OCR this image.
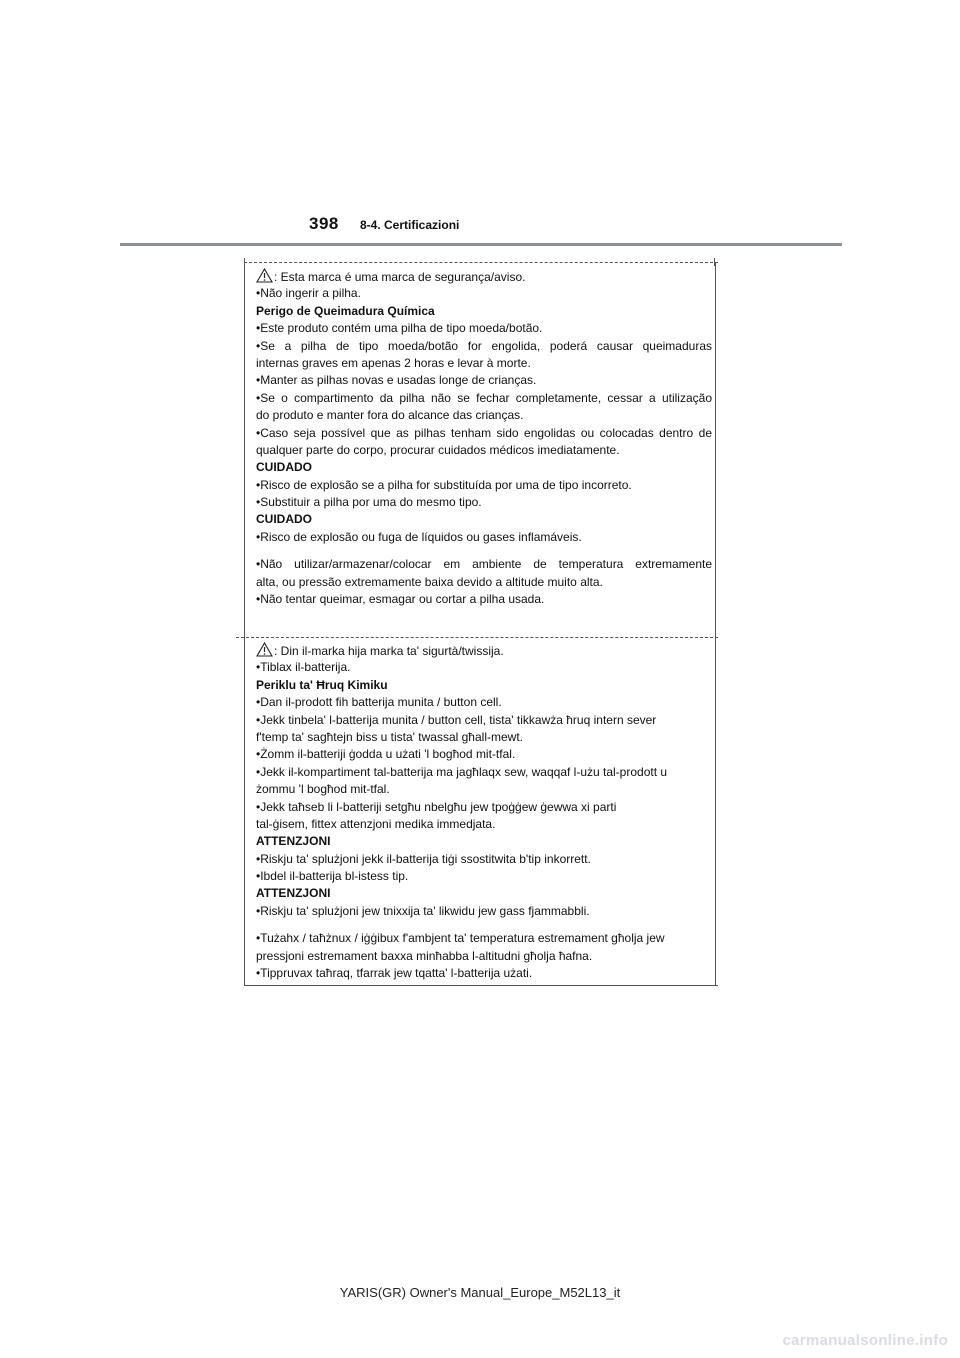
398 8-4. Certificazioni
: Esta marca é uma marca de segurança/aviso.
•Não ingerir a pilha.
Perigo de Queimadura Química
•Este produto contém uma pilha de tipo moeda/botão.
•Se a pilha de tipo moeda/botão for engolida, poderá causar queimaduras
internas graves em apenas 2 horas e levar à morte.
•Manter as pilhas novas e usadas longe de crianças.
•Se o compartimento da pilha não se fechar completamente, cessar a utilização
do produto e manter fora do alcance das crianças.
•Caso seja possível que as pilhas tenham sido engolidas ou colocadas dentro de
qualquer parte do corpo, procurar cuidados médicos imediatamente.
CUIDADO
•Risco de explosão se a pilha for substituída por uma de tipo incorreto.
•Substituir a pilha por uma do mesmo tipo.
CUIDADO
•Risco de explosão ou fuga de líquidos ou gases inflamáveis.
•Não utilizar/armazenar/colocar em ambiente de temperatura extremamente
alta, ou pressão extremamente baixa devido a altitude muito alta.
•Não tentar queimar, esmagar ou cortar a pilha usada.
: Din il-marka hija marka ta' sigurtà/twissija.
•Tiblax il-batterija.
Periklu ta' Ħruq Kimiku
•Dan il-prodott fih batterija munita / button cell.
•Jekk tinbela' l-batterija munita / button cell, tista' tikkawża ħruq intern sever
f'temp ta' sagħtejn biss u tista' twassal għall-mewt.
•Żomm il-batteriji ġodda u użati 'l bogħod mit-tfal.
•Jekk il-kompartiment tal-batterija ma jagħlaqx sew, waqqaf l-użu tal-prodott u
żommu 'l bogħod mit-tfal.
•Jekk taħseb li l-batteriji setgħu nbelgħu jew tpoġġew ġewwa xi parti
tal-ġisem, fittex attenzjoni medika immedjata.
ATTENZJONI
•Riskju ta' splużjoni jekk il-batterija tiġi ssostitwita b'tip inkorrett.
•Ibdel il-batterija bl-istess tip.
ATTENZJONI
•Riskju ta' splużjoni jew tnixxija ta' likwidu jew gass fjammabbli.
•Tużahx / taħżnux / iġġibux f'ambjent ta' temperatura estremament għolja jew
pressjoni estremament baxxa minħabba l-altitudni għolja ħafna.
•Tippruvax taħraq, tfarrak jew tqatta' l-batterija użati.
YARIS(GR) Owner's Manual_Europe_M52L13_it
carmanualsonline.info
